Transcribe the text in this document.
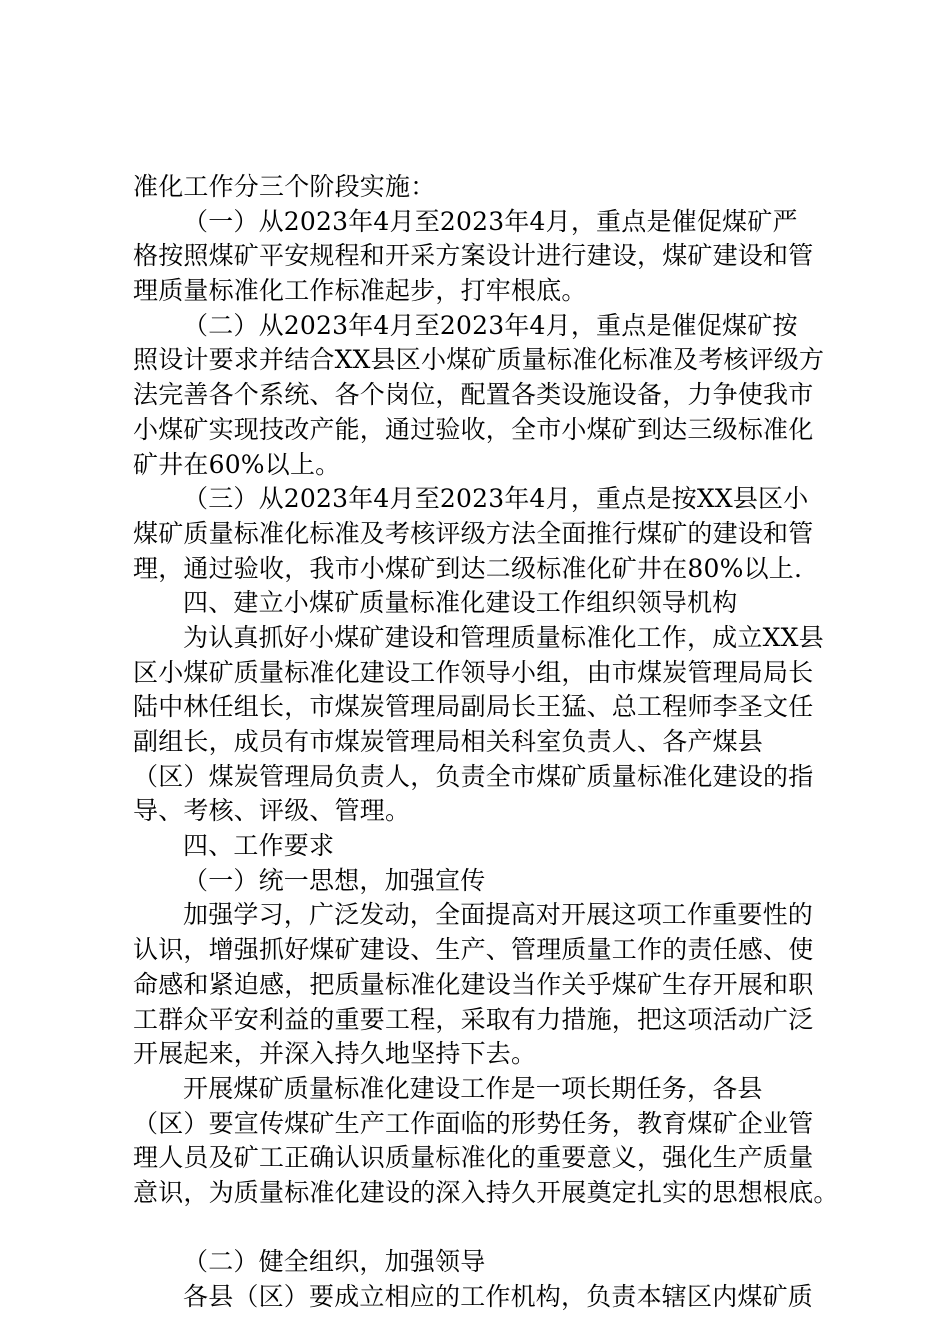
准化工作分三个阶段实施：
（一）从2023年4月至2023年4月，重点是催促煤矿严
格按照煤矿平安规程和开采方案设计进行建设，煤矿建设和管
理质量标准化工作标准起步，打牢根底。
（二）从2023年4月至2023年4月，重点是催促煤矿按
照设计要求并结合XX县区小煤矿质量标准化标准及考核评级方
法完善各个系统、各个岗位，配置各类设施设备，力争使我市
小煤矿实现技改产能，通过验收，全市小煤矿到达三级标准化
矿井在60%以上。
（三）从2023年4月至2023年4月，重点是按XX县区小
煤矿质量标准化标准及考核评级方法全面推行煤矿的建设和管
理，通过验收，我市小煤矿到达二级标准化矿井在80%以上.
四、建立小煤矿质量标准化建设工作组织领导机构
为认真抓好小煤矿建设和管理质量标准化工作，成立XX县
区小煤矿质量标准化建设工作领导小组，由市煤炭管理局局长
陆中林任组长，市煤炭管理局副局长王猛、总工程师李圣文任
副组长，成员有市煤炭管理局相关科室负责人、各产煤县
（区）煤炭管理局负责人，负责全市煤矿质量标准化建设的指
导、考核、评级、管理。
四、工作要求
（一）统一思想，加强宣传
加强学习，广泛发动，全面提高对开展这项工作重要性的
认识，增强抓好煤矿建设、生产、管理质量工作的责任感、使
命感和紧迫感，把质量标准化建设当作关乎煤矿生存开展和职
工群众平安利益的重要工程，采取有力措施，把这项活动广泛
开展起来，并深入持久地坚持下去。
开展煤矿质量标准化建设工作是一项长期任务，各县
（区）要宣传煤矿生产工作面临的形势任务，教育煤矿企业管
理人员及矿工正确认识质量标准化的重要意义，强化生产质量
意识，为质量标准化建设的深入持久开展奠定扎实的思想根底。
（二）健全组织，加强领导
各县（区）要成立相应的工作机构，负责本辖区内煤矿质
